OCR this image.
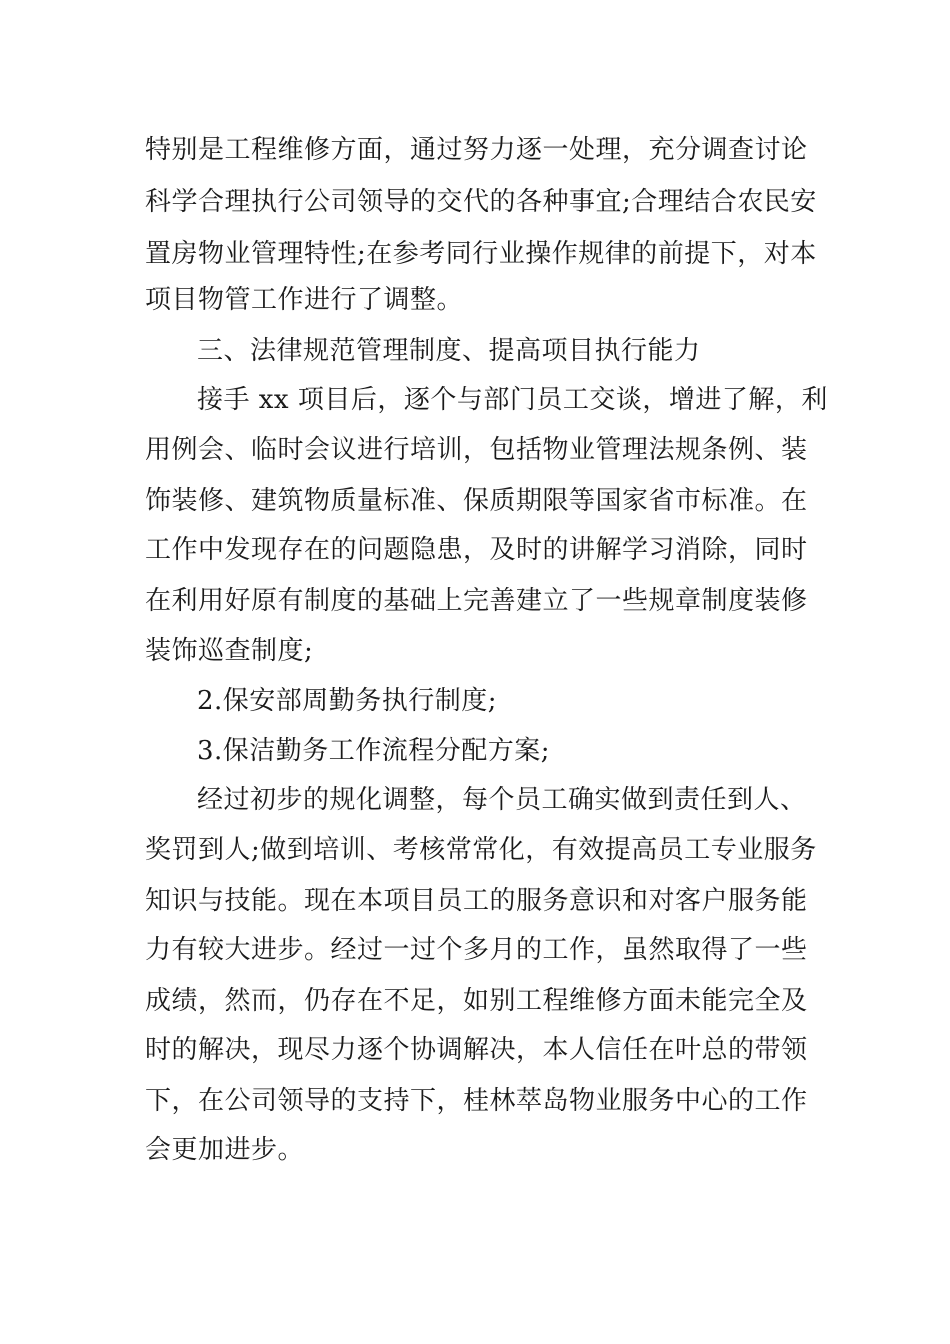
特别是工程维修方面，通过努力逐一处理，充分调查讨论
科学合理执行公司领导的交代的各种事宜;合理结合农民安
置房物业管理特性;在参考同行业操作规律的前提下，对本
项目物管工作进行了调整。
三、法律规范管理制度、提高项目执行能力
接手 xx 项目后，逐个与部门员工交谈，增进了解，利
用例会、临时会议进行培训，包括物业管理法规条例、装
饰装修、建筑物质量标准、保质期限等国家省市标准。在
工作中发现存在的问题隐患，及时的讲解学习消除，同时
在利用好原有制度的基础上完善建立了一些规章制度装修
装饰巡查制度;
2.保安部周勤务执行制度;
3.保洁勤务工作流程分配方案;
经过初步的规化调整，每个员工确实做到责任到人、
奖罚到人;做到培训、考核常常化，有效提高员工专业服务
知识与技能。现在本项目员工的服务意识和对客户服务能
力有较大进步。经过一过个多月的工作，虽然取得了一些
成绩，然而，仍存在不足，如别工程维修方面未能完全及
时的解决，现尽力逐个协调解决，本人信任在叶总的带领
下，在公司领导的支持下，桂林萃岛物业服务中心的工作
会更加进步。
